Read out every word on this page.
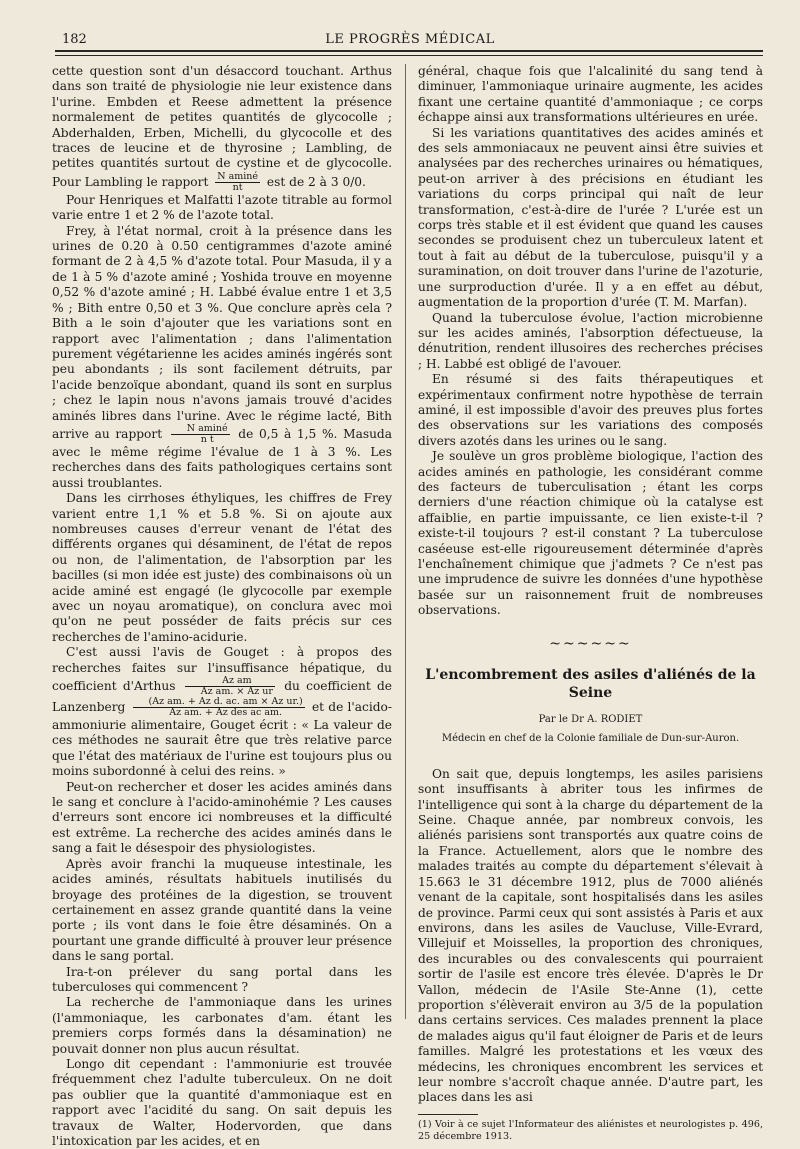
182	LE PROGRÈS MÉDICAL

cette question sont d'un désaccord touchant. Arthus dans son traité de physiologie nie leur existence dans l'urine. Embden et Reese admettent la présence normalement de petites quantités de glycocolle ; Abderhalden, Erben, Michelli, du glycocolle et des traces de leucine et de thyrosine ; Lambling, de petites quantités surtout de cystine et de glycocolle. Pour Lambling le rapport $\frac{\text{N aminé}}{nt}$ est de 2 à 3 0/0.

Pour Henriques et Malfatti l'azote titrable au formol varie entre 1 et 2 % de l'azote total.

Frey, à l'état normal, croit à la présence dans les urines de 0.20 à 0.50 centigrammes d'azote aminé formant de 2 à 4,5 % d'azote total. Pour Masuda, il y a de 1 à 5 % d'azote aminé ; Yoshida trouve en moyenne 0,52 % d'azote aminé ; H. Labbé évalue entre 1 et 3,5 % ; Bith entre 0,50 et 3 %. Que conclure après cela ? Bith a le soin d'ajouter que les variations sont en rapport avec l'alimentation ; dans l'alimentation purement végétarienne les acides aminés ingérés sont peu abondants ; ils sont facilement détruits, par l'acide benzoïque abondant, quand ils sont en surplus ; chez le lapin nous n'avons jamais trouvé d'acides aminés libres dans l'urine. Avec le régime lacté, Bith arrive au rapport $\frac{\text{N aminé}}{\text{n t}}$ de 0,5 à 1,5 %. Masuda avec le même régime l'évalue de 1 à 3 %. Les recherches dans des faits pathologiques certains sont aussi troublantes.

Dans les cirrhoses éthyliques, les chiffres de Frey varient entre 1,1 % et 5.8 %. Si on ajoute aux nombreuses causes d'erreur venant de l'état des différents organes qui désaminent, de l'état de repos ou non, de l'alimentation, de l'absorption par les bacilles (si mon idée est juste) des combinaisons où un acide aminé est engagé (le glycocolle par exemple avec un noyau aromatique), on conclura avec moi qu'on ne peut posséder de faits précis sur ces recherches de l'amino-acidurie.

C'est aussi l'avis de Gouget : à propos des recherches faites sur l'insuffisance hépatique, du coefficient d'Arthus $\frac{\text{Az am}}{\text{Az am. × Az ur}}$ du coefficient de Lanzenberg $\frac{\text{(Az am. + Az d. ac. am × Az ur.)}}{\text{Az am. + Az des ac am.}}$ et de l'acido-ammoniurie alimentaire, Gouget écrit : « La valeur de ces méthodes ne saurait être que très relative parce que l'état des matériaux de l'urine est toujours plus ou moins subordonné à celui des reins. »

Peut-on rechercher et doser les acides aminés dans le sang et conclure à l'acido-aminohémie ? Les causes d'erreurs sont encore ici nombreuses et la difficulté est extrême. La recherche des acides aminés dans le sang a fait le désespoir des physiologistes.

Après avoir franchi la muqueuse intestinale, les acides aminés, résultats habituels inutilisés du broyage des protéines de la digestion, se trouvent certainement en assez grande quantité dans la veine porte ; ils vont dans le foie être désaminés. On a pourtant une grande difficulté à prouver leur présence dans le sang portal.

Ira-t-on prélever du sang portal dans les tuberculoses qui commencent ?

La recherche de l'ammoniaque dans les urines (l'ammoniaque, les carbonates d'am. étant les premiers corps formés dans la désamination) ne pouvait donner non plus aucun résultat.

Longo dit cependant : l'ammoniurie est trouvée fréquemment chez l'adulte tuberculeux. On ne doit pas oublier que la quantité d'ammoniaque est en rapport avec l'acidité du sang. On sait depuis les travaux de Walter, Hodervorden, que dans l'intoxication par les acides, et en

général, chaque fois que l'alcalinité du sang tend à diminuer, l'ammoniaque urinaire augmente, les acides fixant une certaine quantité d'ammoniaque ; ce corps échappe ainsi aux transformations ultérieures en urée.

Si les variations quantitatives des acides aminés et des sels ammoniacaux ne peuvent ainsi être suivies et analysées par des recherches urinaires ou hématiques, peut-on arriver à des précisions en étudiant les variations du corps principal qui naît de leur transformation, c'est-à-dire de l'urée ? L'urée est un corps très stable et il est évident que quand les causes secondes se produisent chez un tuberculeux latent et tout à fait au début de la tuberculose, puisqu'il y a suramination, on doit trouver dans l'urine de l'azoturie, une surproduction d'urée. Il y a en effet au début, augmentation de la proportion d'urée (T. M. Marfan).

Quand la tuberculose évolue, l'action microbienne sur les acides aminés, l'absorption défectueuse, la dénutrition, rendent illusoires des recherches précises ; H. Labbé est obligé de l'avouer.

En résumé si des faits thérapeutiques et expérimentaux confirment notre hypothèse de terrain aminé, il est impossible d'avoir des preuves plus fortes des observations sur les variations des composés divers azotés dans les urines ou le sang.

Je soulève un gros problème biologique, l'action des acides aminés en pathologie, les considérant comme des facteurs de tuberculisation ; étant les corps derniers d'une réaction chimique où la catalyse est affaiblie, en partie impuissante, ce lien existe-t-il ? existe-t-il toujours ? est-il constant ? La tuberculose caséeuse est-elle rigoureusement déterminée d'après l'enchaînement chimique que j'admets ? Ce n'est pas une imprudence de suivre les données d'une hypothèse basée sur un raisonnement fruit de nombreuses observations.

~~~~~~
L'encombrement des asiles d'aliénés de la Seine
Par le Dr A. RODIET
Médecin en chef de la Colonie familiale de Dun-sur-Auron.

On sait que, depuis longtemps, les asiles parisiens sont insuffisants à abriter tous les infirmes de l'intelligence qui sont à la charge du département de la Seine. Chaque année, par nombreux convois, les aliénés parisiens sont transportés aux quatre coins de la France. Actuellement, alors que le nombre des malades traités au compte du département s'élevait à 15.663 le 31 décembre 1912, plus de 7000 aliénés venant de la capitale, sont hospitalisés dans les asiles de province. Parmi ceux qui sont assistés à Paris et aux environs, dans les asiles de Vaucluse, Ville-Evrard, Villejuif et Moisselles, la proportion des chroniques, des incurables ou des convalescents qui pourraient sortir de l'asile est encore très élevée. D'après le Dr Vallon, médecin de l'Asile Ste-Anne (1), cette proportion s'élèverait environ au 3/5 de la population dans certains services. Ces malades prennent la place de malades aigus qu'il faut éloigner de Paris et de leurs familles. Malgré les protestations et les vœux des médecins, les chroniques encombrent les services et leur nombre s'accroît chaque année. D'autre part, les places dans les asi

(1) Voir à ce sujet l'Informateur des aliénistes et neurologistes p. 496, 25 décembre 1913.
